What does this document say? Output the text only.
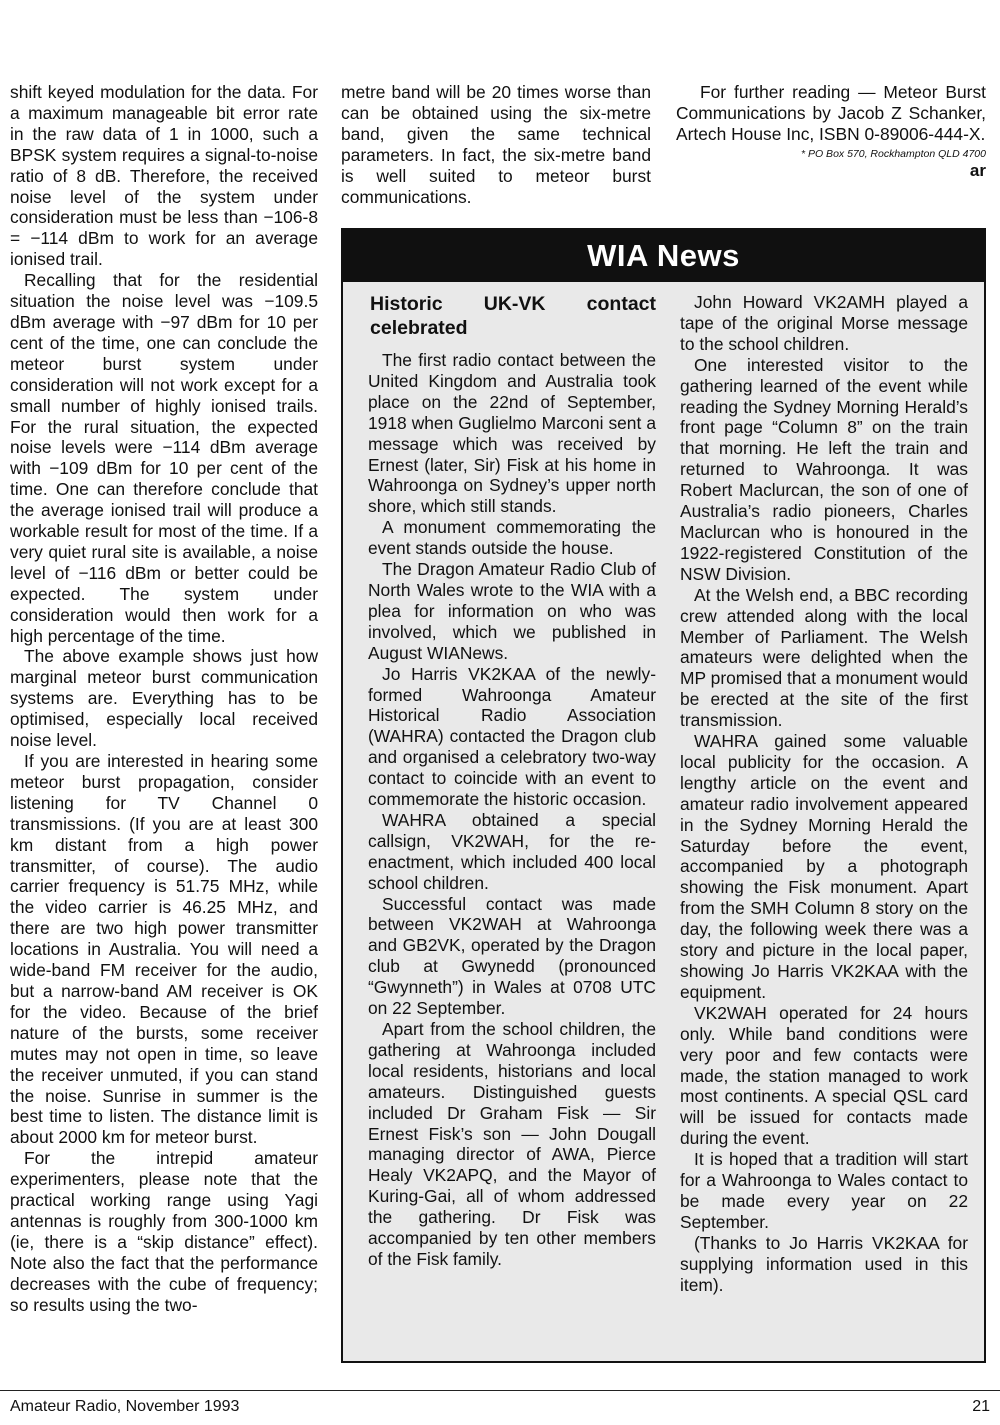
shift keyed modulation for the data. For a maximum manageable bit error rate in the raw data of 1 in 1000, such a BPSK system requires a signal-to-noise ratio of 8 dB. Therefore, the received noise level of the system under consideration must be less than −106-8 = −114 dBm to work for an average ionised trail.

Recalling that for the residential situation the noise level was −109.5 dBm average with −97 dBm for 10 per cent of the time, one can conclude the meteor burst system under consideration will not work except for a small number of highly ionised trails. For the rural situation, the expected noise levels were −114 dBm average with −109 dBm for 10 per cent of the time. One can therefore conclude that the average ionised trail will produce a workable result for most of the time. If a very quiet rural site is available, a noise level of −116 dBm or better could be expected. The system under consideration would then work for a high percentage of the time.

The above example shows just how marginal meteor burst communication systems are. Everything has to be optimised, especially local received noise level.

If you are interested in hearing some meteor burst propagation, consider listening for TV Channel 0 transmissions. (If you are at least 300 km distant from a high power transmitter, of course). The audio carrier frequency is 51.75 MHz, while the video carrier is 46.25 MHz, and there are two high power transmitter locations in Australia. You will need a wide-band FM receiver for the audio, but a narrow-band AM receiver is OK for the video. Because of the brief nature of the bursts, some receiver mutes may not open in time, so leave the receiver unmuted, if you can stand the noise. Sunrise in summer is the best time to listen. The distance limit is about 2000 km for meteor burst.

For the intrepid amateur experimenters, please note that the practical working range using Yagi antennas is roughly from 300-1000 km (ie, there is a “skip distance” effect). Note also the fact that the performance decreases with the cube of frequency; so results using the two-

metre band will be 20 times worse than can be obtained using the six-metre band, given the same technical parameters. In fact, the six-metre band is well suited to meteor burst communications.

For further reading — Meteor Burst Communications by Jacob Z Schanker, Artech House Inc, ISBN 0-89006-444-X.

* PO Box 570, Rockhampton QLD 4700

ar

WIA News

Historic UK-VK contact celebrated

The first radio contact between the United Kingdom and Australia took place on the 22nd of September, 1918 when Guglielmo Marconi sent a message which was received by Ernest (later, Sir) Fisk at his home in Wahroonga on Sydney’s upper north shore, which still stands.

A monument commemorating the event stands outside the house.

The Dragon Amateur Radio Club of North Wales wrote to the WIA with a plea for information on who was involved, which we published in August WIANews.

Jo Harris VK2KAA of the newly-formed Wahroonga Amateur Historical Radio Association (WAHRA) contacted the Dragon club and organised a celebratory two-way contact to coincide with an event to commemorate the historic occasion.

WAHRA obtained a special callsign, VK2WAH, for the re-enactment, which included 400 local school children.

Successful contact was made between VK2WAH at Wahroonga and GB2VK, operated by the Dragon club at Gwynedd (pronounced “Gwynneth”) in Wales at 0708 UTC on 22 September.

Apart from the school children, the gathering at Wahroonga included local residents, historians and local amateurs. Distinguished guests included Dr Graham Fisk — Sir Ernest Fisk’s son — John Dougall managing director of AWA, Pierce Healy VK2APQ, and the Mayor of Kuring-Gai, all of whom addressed the gathering. Dr Fisk was accompanied by ten other members of the Fisk family.

John Howard VK2AMH played a tape of the original Morse message to the school children.

One interested visitor to the gathering learned of the event while reading the Sydney Morning Herald’s front page “Column 8” on the train that morning. He left the train and returned to Wahroonga. It was Robert Maclurcan, the son of one of Australia’s radio pioneers, Charles Maclurcan who is honoured in the 1922-registered Constitution of the NSW Division.

At the Welsh end, a BBC recording crew attended along with the local Member of Parliament. The Welsh amateurs were delighted when the MP promised that a monument would be erected at the site of the first transmission.

WAHRA gained some valuable local publicity for the occasion. A lengthy article on the event and amateur radio involvement appeared in the Sydney Morning Herald the Saturday before the event, accompanied by a photograph showing the Fisk monument. Apart from the SMH Column 8 story on the day, the following week there was a story and picture in the local paper, showing Jo Harris VK2KAA with the equipment.

VK2WAH operated for 24 hours only. While band conditions were very poor and few contacts were made, the station managed to work most continents. A special QSL card will be issued for contacts made during the event.

It is hoped that a tradition will start for a Wahroonga to Wales contact to be made every year on 22 September.

(Thanks to Jo Harris VK2KAA for supplying information used in this item).

Amateur Radio, November 1993	21
